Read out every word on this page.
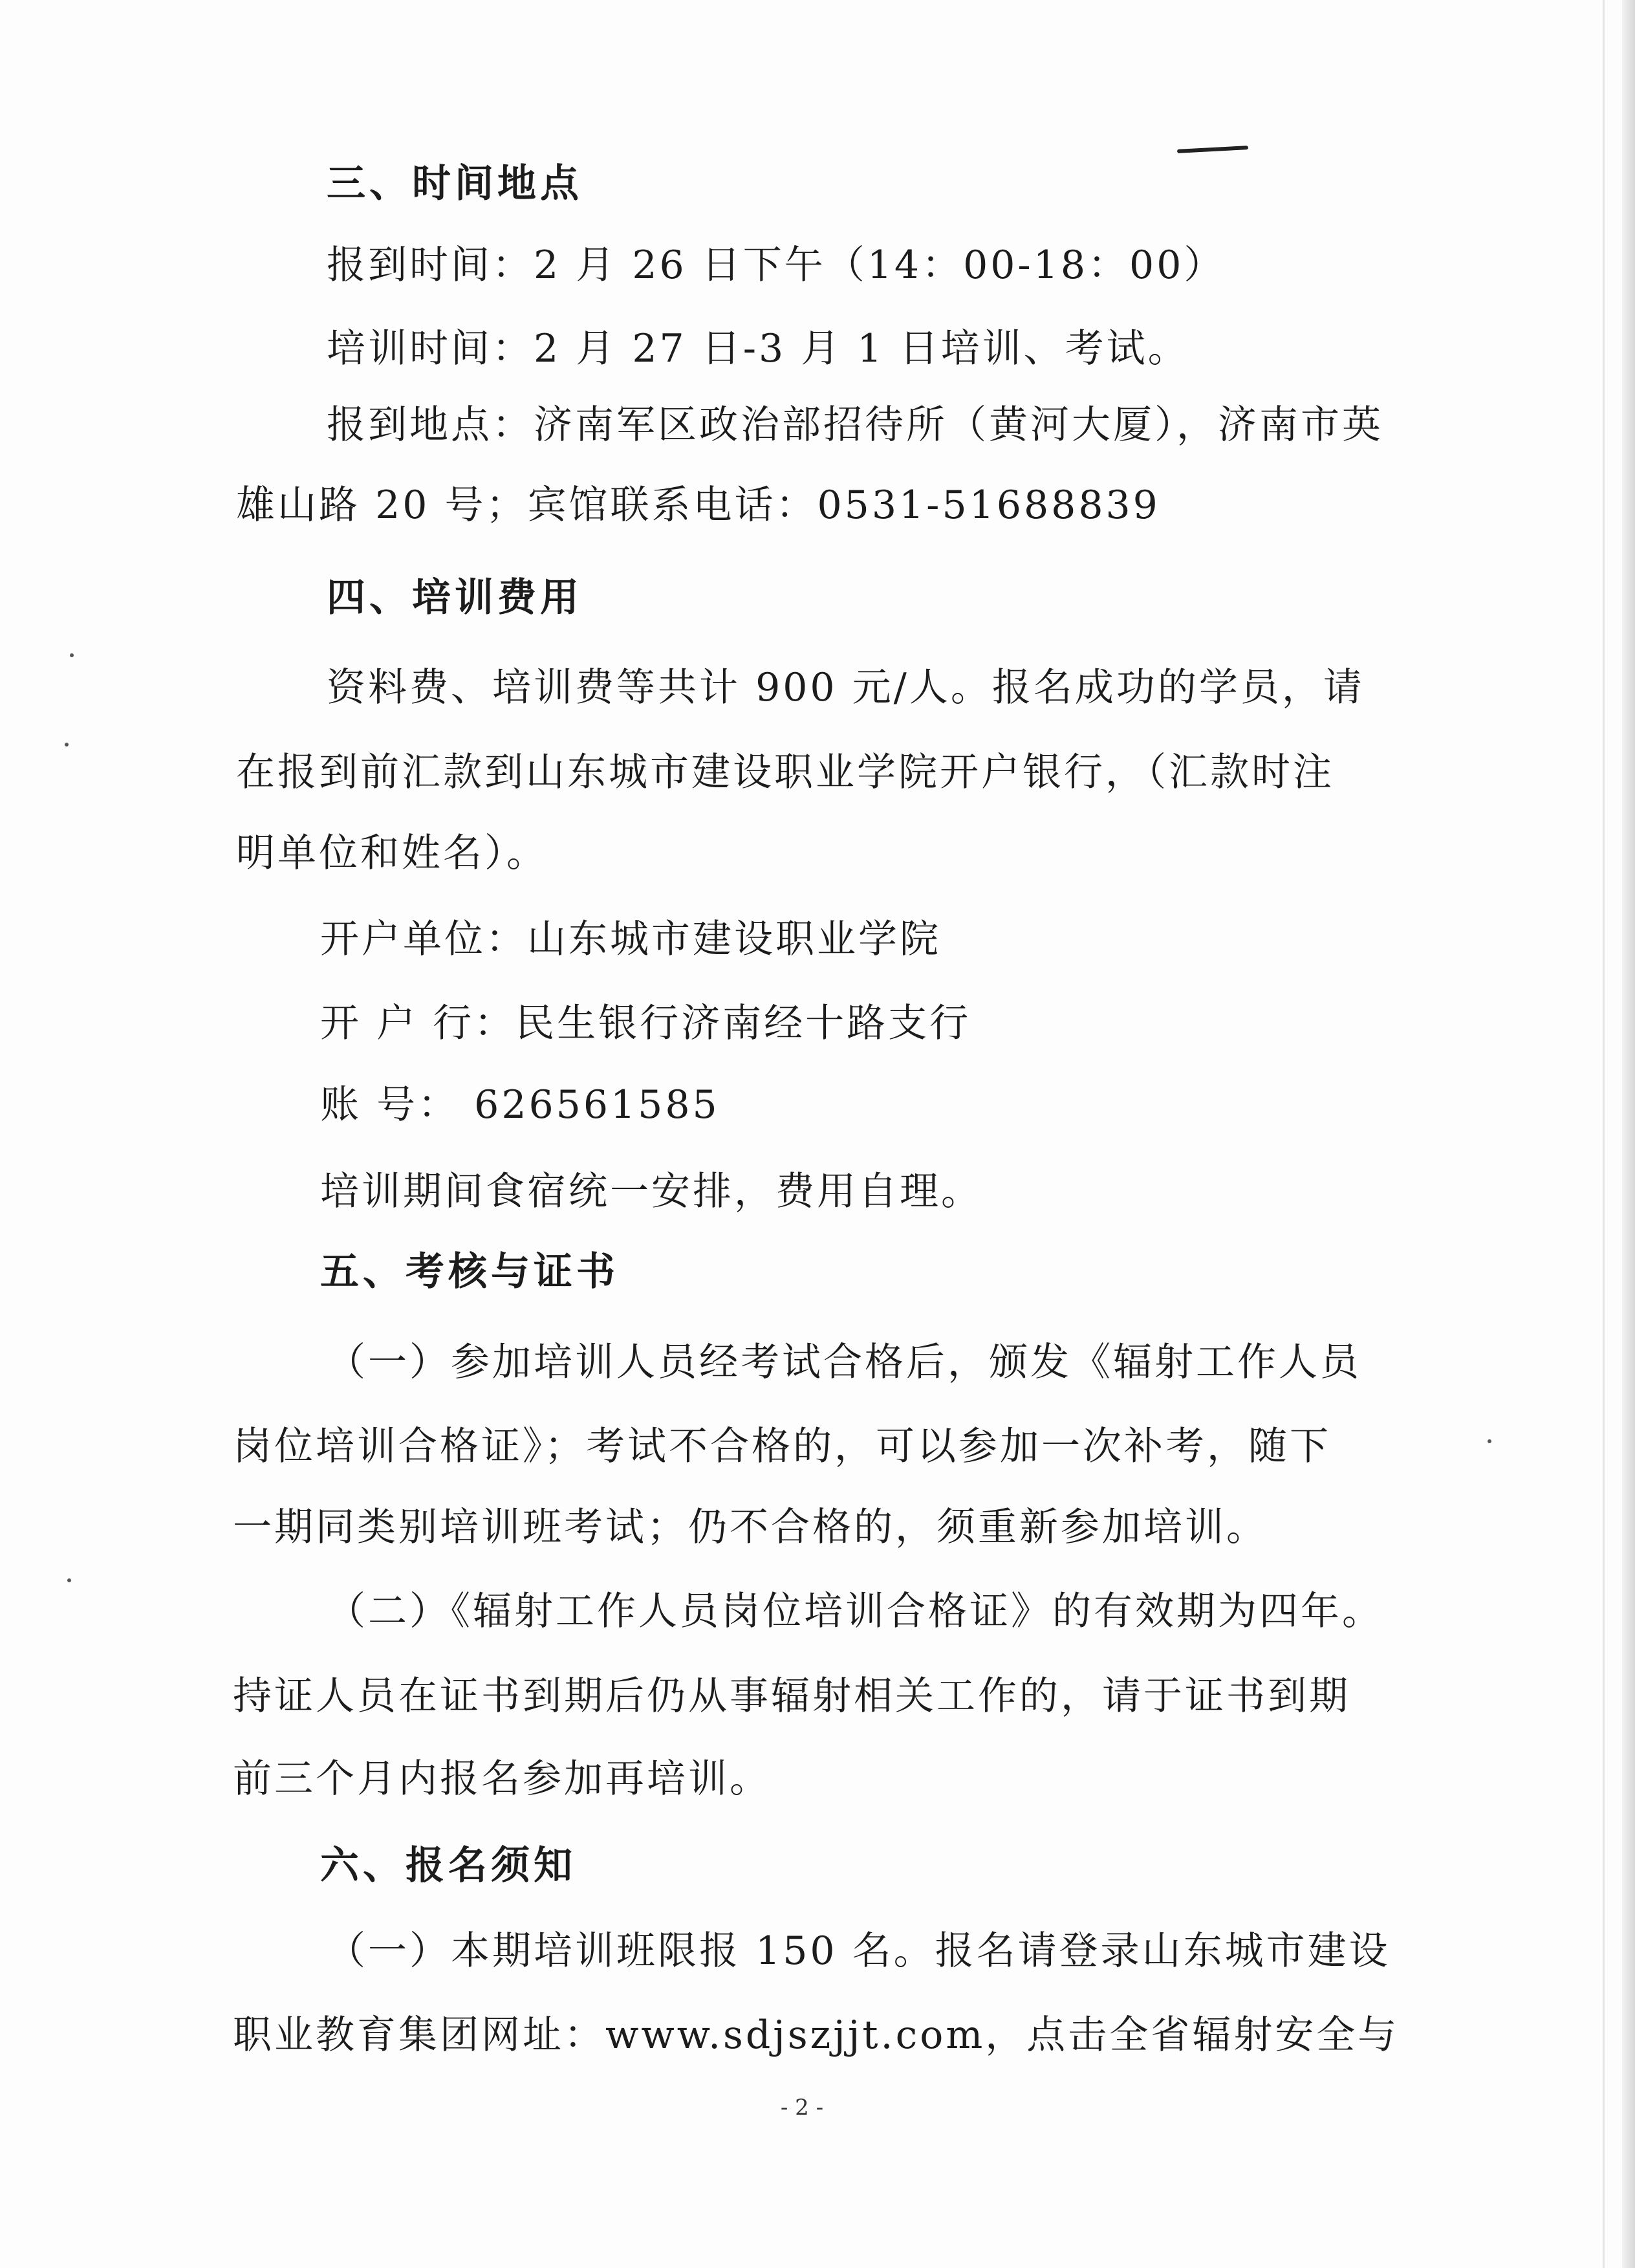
三、时间地点
报到时间：2 月 26 日下午（14：00-18：00）
培训时间：2 月 27 日-3 月 1 日培训、考试。
报到地点：济南军区政治部招待所（黄河大厦），济南市英
雄山路 20 号；宾馆联系电话：0531-51688839
四、培训费用
资料费、培训费等共计 900 元/人。报名成功的学员，请
在报到前汇款到山东城市建设职业学院开户银行，（汇款时注
明单位和姓名）。
开户单位：山东城市建设职业学院
开 户 行：民生银行济南经十路支行
账 号： 626561585
培训期间食宿统一安排，费用自理。
五、考核与证书
（一）参加培训人员经考试合格后，颁发《辐射工作人员
岗位培训合格证》；考试不合格的，可以参加一次补考，随下
一期同类别培训班考试；仍不合格的，须重新参加培训。
（二）《辐射工作人员岗位培训合格证》的有效期为四年。
持证人员在证书到期后仍从事辐射相关工作的，请于证书到期
前三个月内报名参加再培训。
六、报名须知
（一）本期培训班限报 150 名。报名请登录山东城市建设
职业教育集团网址：www.sdjszjjt.com，点击全省辐射安全与
- 2 -
